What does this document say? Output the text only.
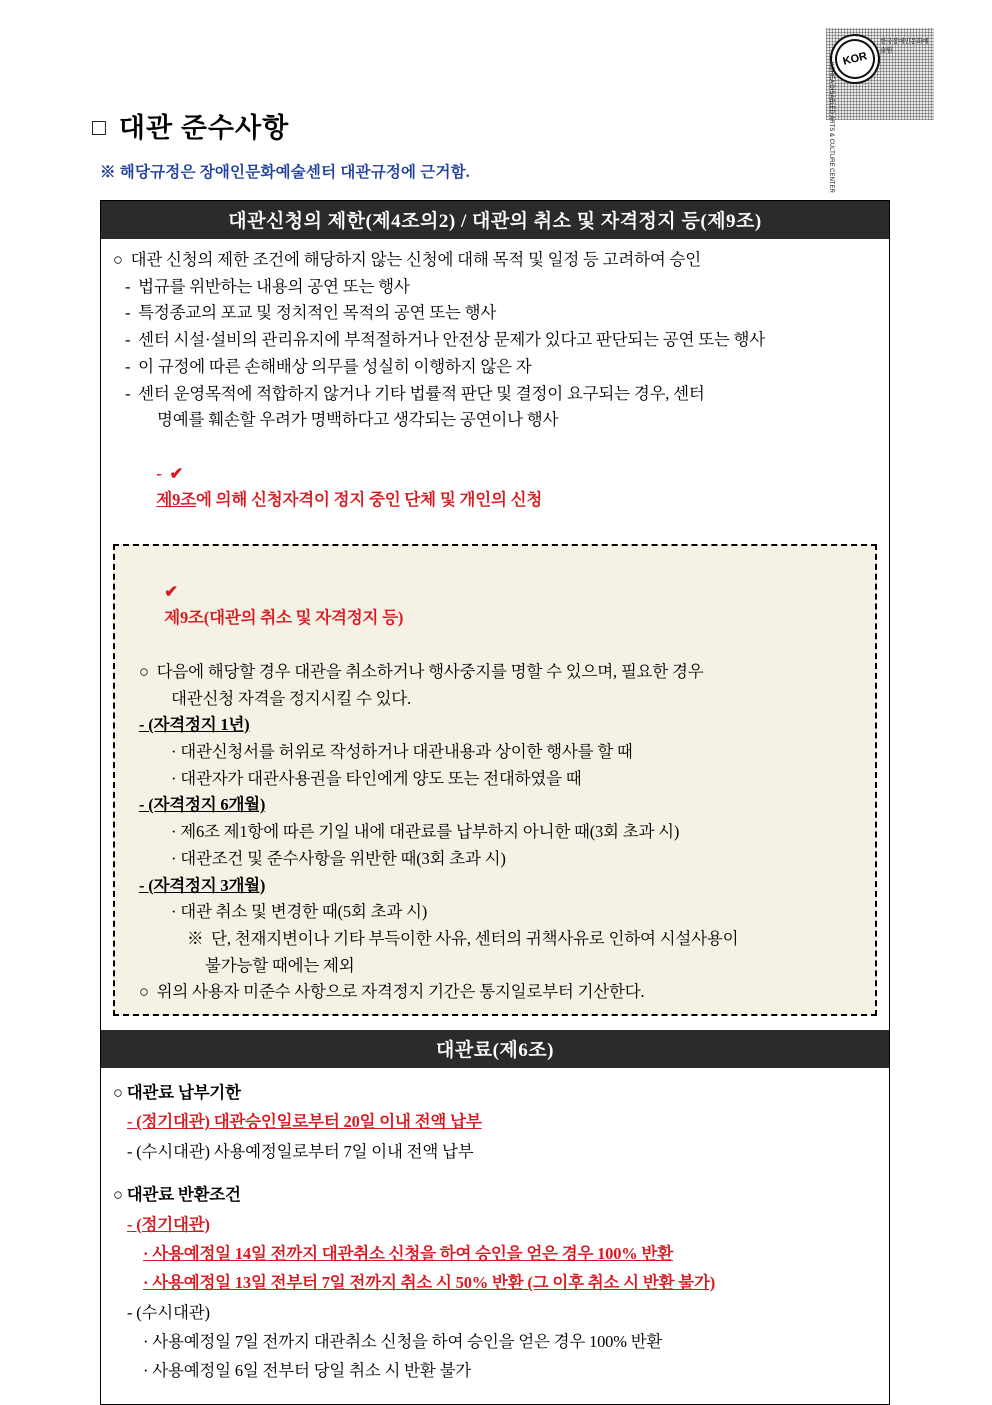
KOR
한국장애인문화예술원
KOREA DISABLED ARTS & CULTURE CENTER
□ 대관 준수사항
※ 해당규정은 장애인문화예술센터 대관규정에 근거함.
대관신청의 제한(제4조의2) / 대관의 취소 및 자격정지 등(제9조)
○  대관 신청의 제한 조건에 해당하지 않는 신청에 대해 목적 및 일정 등 고려하여 승인
-  법규를 위반하는 내용의 공연 또는 행사
-  특정종교의 포교 및 정치적인 목적의 공연 또는 행사
-  센터 시설·설비의 관리유지에 부적절하거나 안전상 문제가 있다고 판단되는 공연 또는 행사
-  이 규정에 따른 손해배상 의무를 성실히 이행하지 않은 자
-  센터 운영목적에 적합하지 않거나 기타 법률적 판단 및 결정이 요구되는 경우, 센터
명예를 훼손할 우려가 명백하다고 생각되는 공연이나 행사

-  ✔
제9조에 의해 신청자격이 정지 중인 단체 및 개인의 신청

✔
제9조(대관의 취소 및 자격정지 등)

○  다음에 해당할 경우 대관을 취소하거나 행사중지를 명할 수 있으며, 필요한 경우
대관신청 자격을 정지시킬 수 있다.
- (자격정지 1년)
· 대관신청서를 허위로 작성하거나 대관내용과 상이한 행사를 할 때
· 대관자가 대관사용권을 타인에게 양도 또는 전대하였을 때
- (자격정지 6개월)
· 제6조 제1항에 따른 기일 내에 대관료를 납부하지 아니한 때(3회 초과 시)
· 대관조건 및 준수사항을 위반한 때(3회 초과 시)
- (자격정지 3개월)
· 대관 취소 및 변경한 때(5회 초과 시)
※  단, 천재지변이나 기타 부득이한 사유, 센터의 귀책사유로 인하여 시설사용이
불가능할 때에는 제외
○  위의 사용자 미준수 사항으로 자격정지 기간은 통지일로부터 기산한다.
대관료(제6조)
○ 대관료 납부기한
- (정기대관) 대관승인일로부터 20일 이내 전액 납부
- (수시대관) 사용예정일로부터 7일 이내 전액 납부
○ 대관료 반환조건
- (정기대관)
· 사용예정일 14일 전까지 대관취소 신청을 하여 승인을 얻은 경우 100% 반환
· 사용예정일 13일 전부터 7일 전까지 취소 시 50% 반환 (그 이후 취소 시 반환 불가)
- (수시대관)
· 사용예정일 7일 전까지 대관취소 신청을 하여 승인을 얻은 경우 100% 반환
· 사용예정일 6일 전부터 당일 취소 시 반환 불가
